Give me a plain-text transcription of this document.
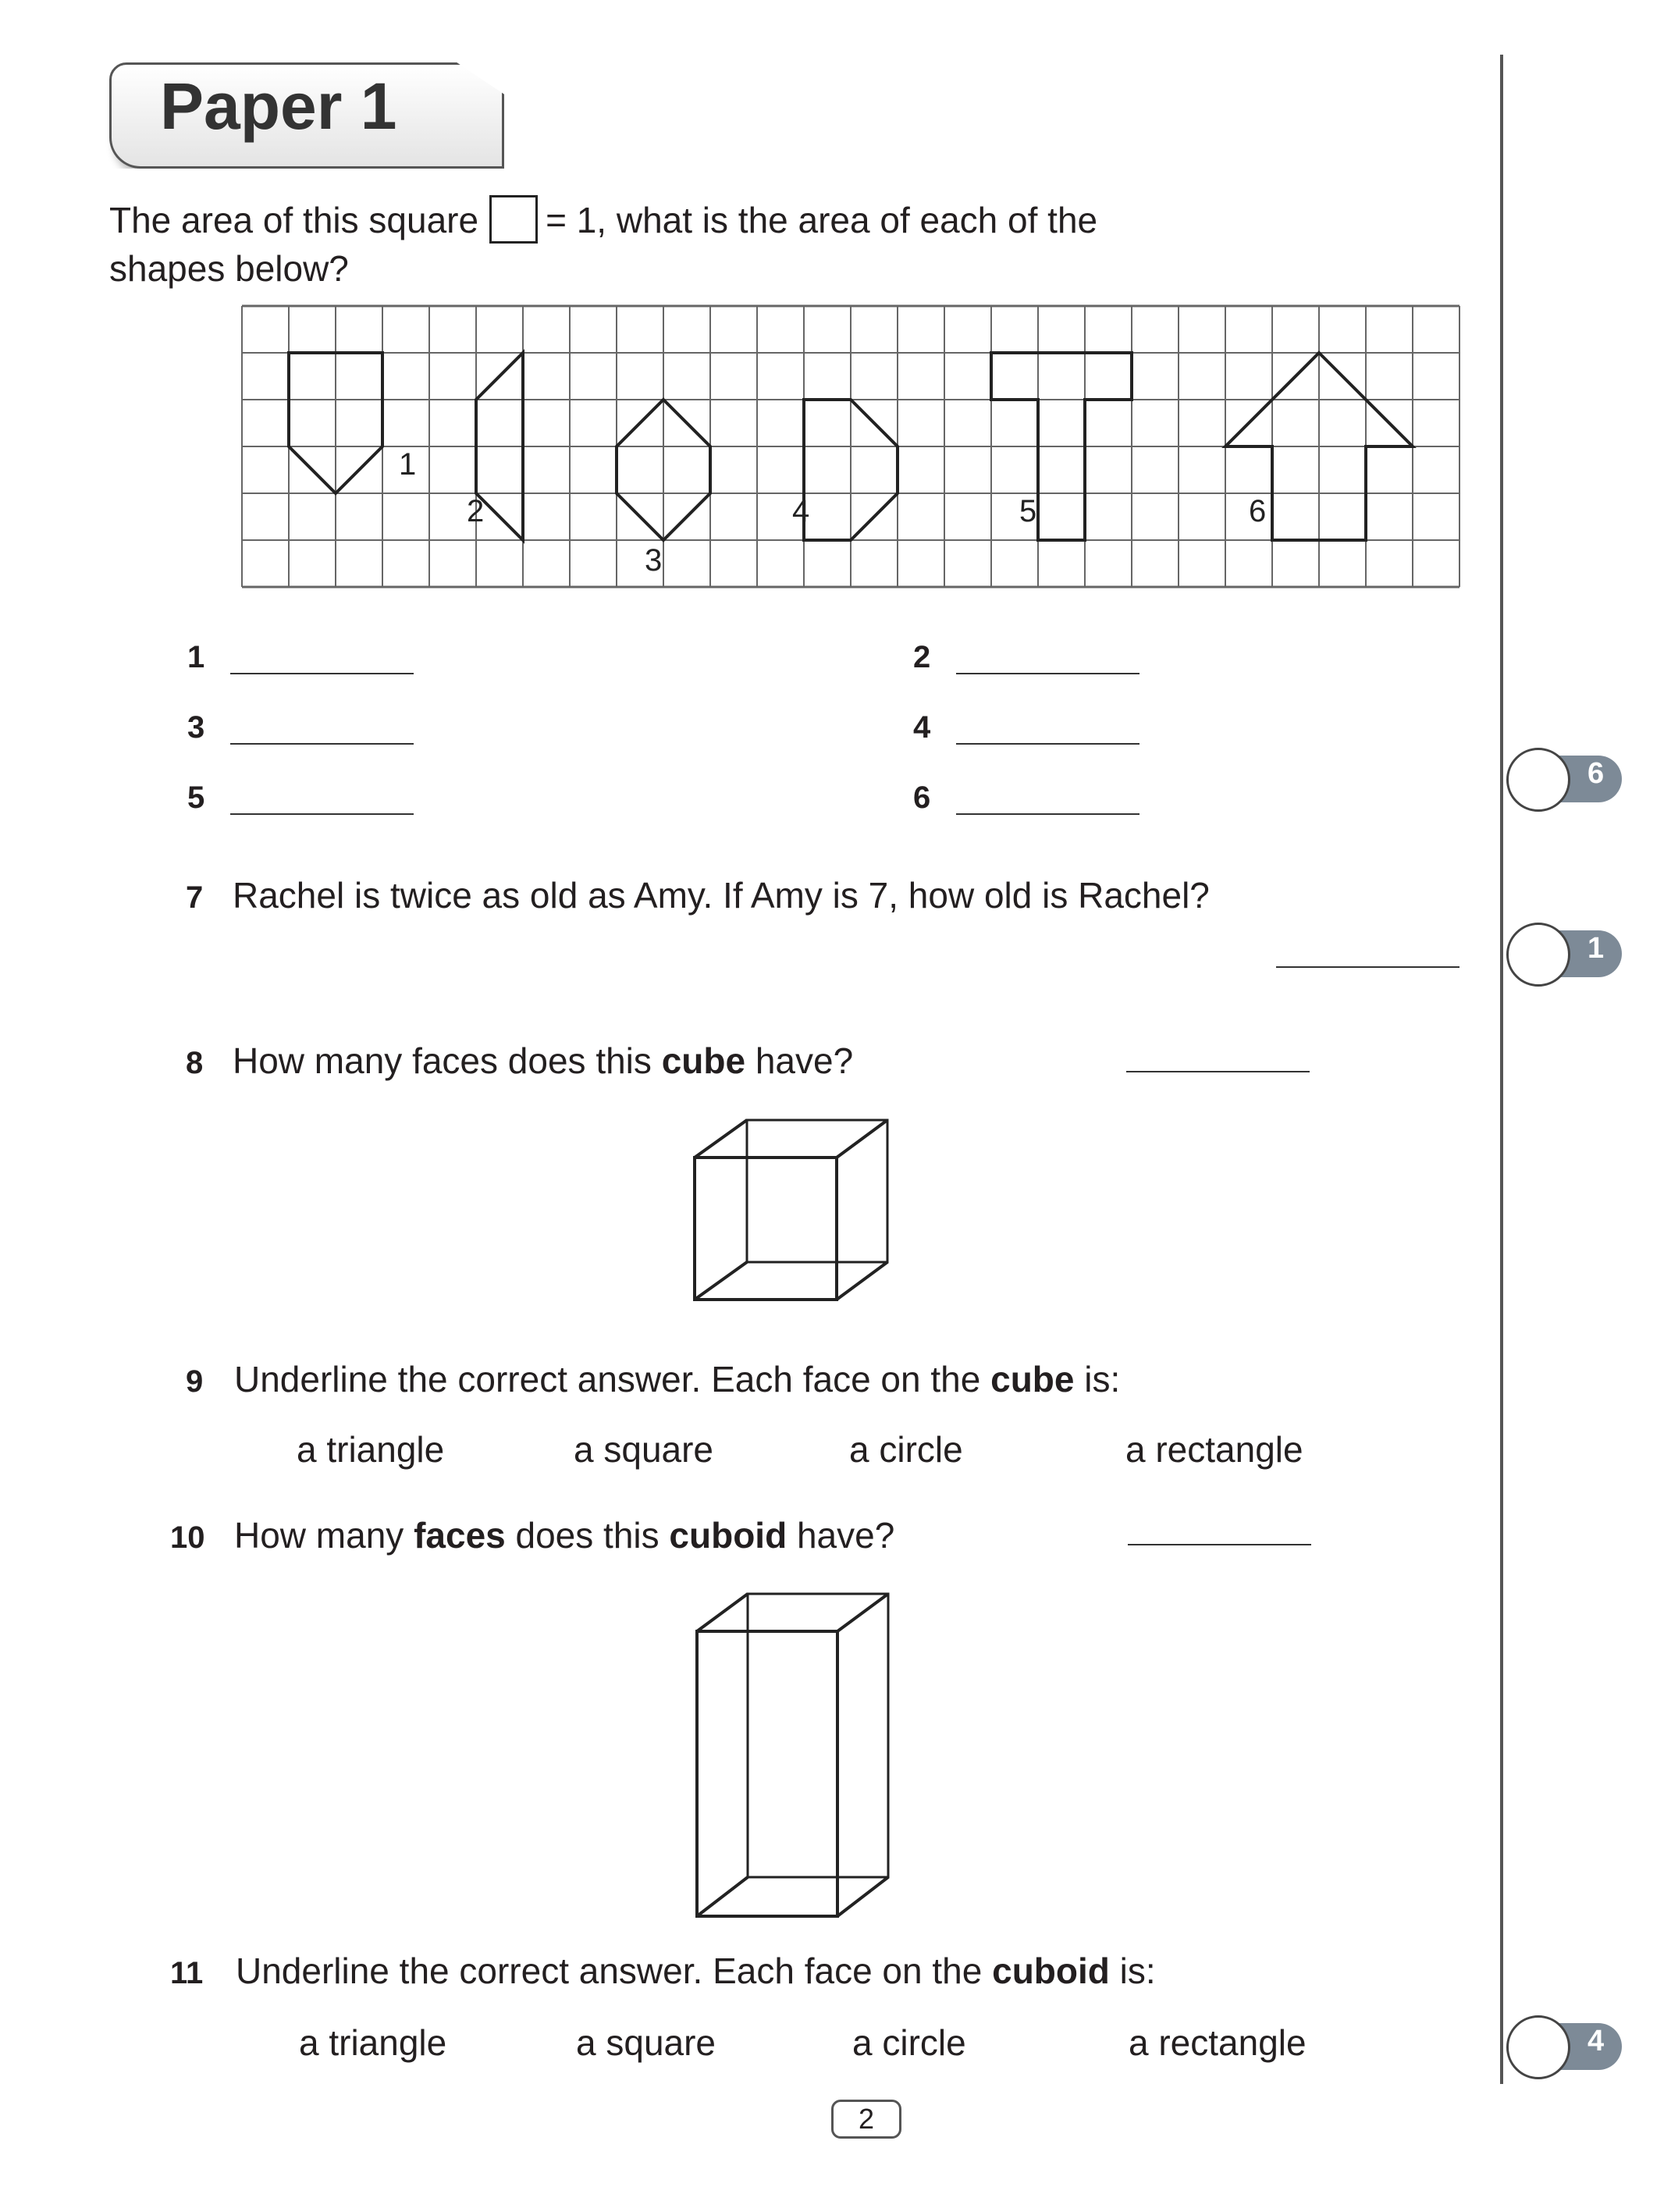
Paper 1
The area of this square = 1, what is the area of each of the
shapes below?
1
2
3
4	5	6
1	2
3	4
5	6
7 Rachel is twice as old as Amy. If Amy is 7, how old is Rachel?
8 How many faces does this cube have?
9 Underline the correct answer. Each face on the cube is:
a triangle	a square	a circle	a rectangle
10 How many faces does this cuboid have?
11 Underline the correct answer. Each face on the cuboid is:
a triangle	a square	a circle	a rectangle
6
1
4
2
